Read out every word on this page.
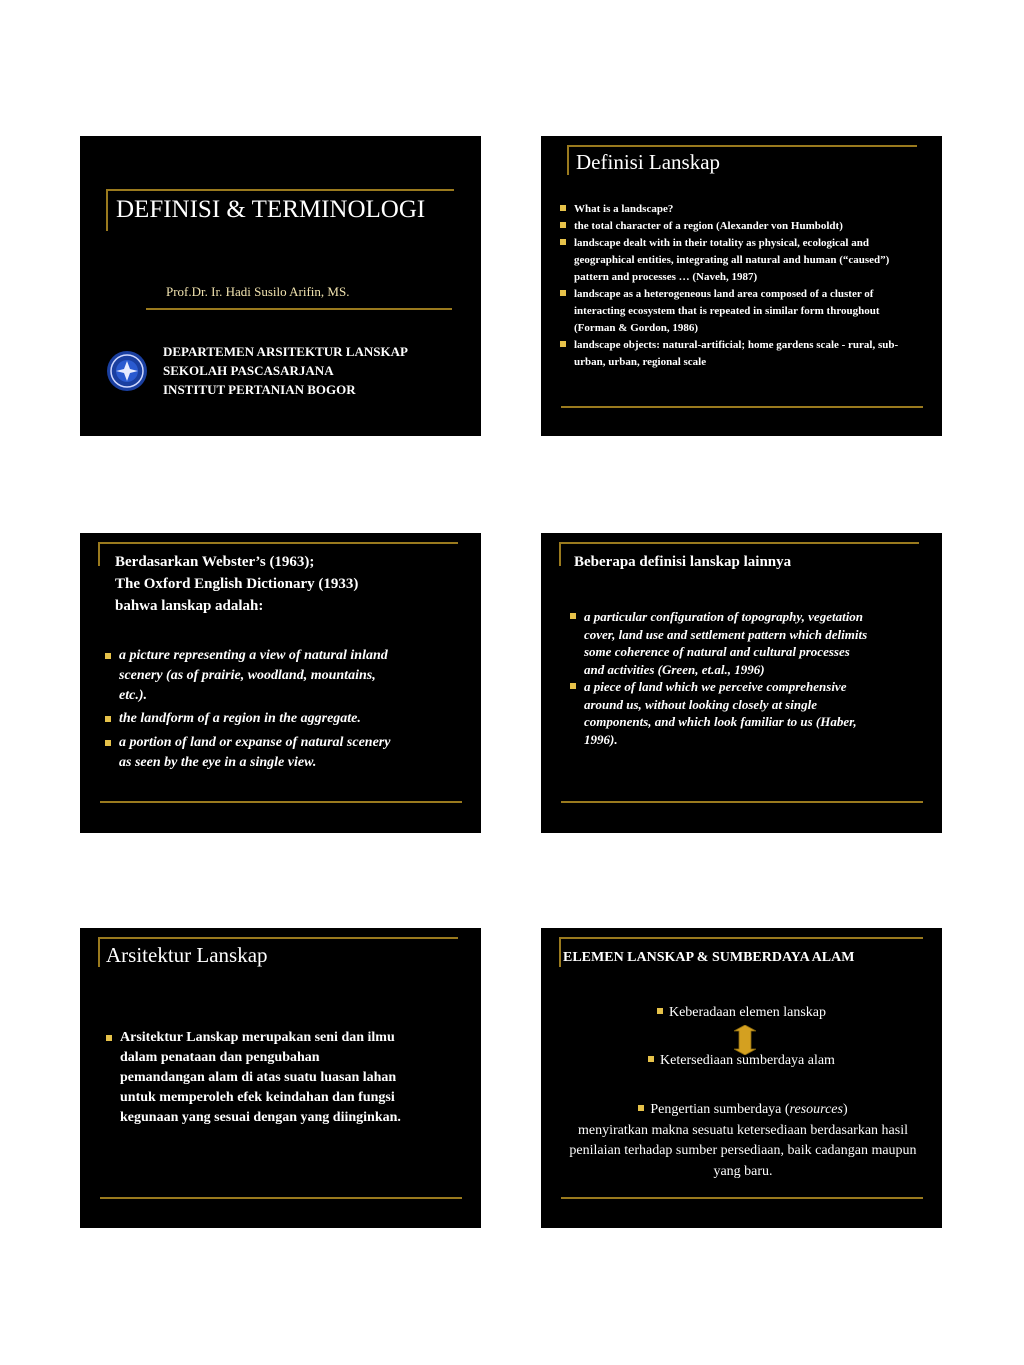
DEFINISI & TERMINOLOGI
Prof.Dr. Ir. Hadi Susilo Arifin, MS.
DEPARTEMEN ARSITEKTUR LANSKAP
SEKOLAH PASCASARJANA
INSTITUT PERTANIAN BOGOR
Definisi Lanskap
What is a landscape?
the total character of a region (Alexander von Humboldt)
landscape dealt with in their totality as physical, ecological and geographical entities, integrating all natural and human (“caused”) pattern and processes … (Naveh, 1987)
landscape as a heterogeneous land area composed of a cluster of interacting ecosystem that is repeated in similar form throughout (Forman & Gordon, 1986)
landscape objects: natural-artificial; home gardens scale - rural, sub-urban, urban, regional scale
Berdasarkan Webster’s (1963);
The Oxford English Dictionary (1933)
bahwa lanskap adalah:
a picture representing a view of natural inland scenery (as of prairie, woodland, mountains, etc.).
the landform of a region in the aggregate.
a portion of land or expanse of natural scenery as seen by the eye in a single view.
Beberapa definisi lanskap lainnya
a particular configuration of topography, vegetation cover, land use and settlement pattern which delimits some coherence of natural and cultural processes and activities (Green, et.al., 1996)
a piece of land which we perceive comprehensive around us, without looking closely at single components, and which look familiar to us (Haber, 1996).
Arsitektur Lanskap
Arsitektur Lanskap merupakan seni dan ilmu dalam penataan dan pengubahan pemandangan alam di atas suatu luasan lahan untuk memperoleh efek keindahan dan fungsi kegunaan yang sesuai dengan yang diinginkan.
ELEMEN LANSKAP & SUMBERDAYA ALAM
Keberadaan elemen lanskap
Ketersediaan sumberdaya alam
Pengertian sumberdaya (resources)
menyiratkan makna sesuatu ketersediaan berdasarkan hasil penilaian terhadap sumber persediaan, baik cadangan maupun yang baru.
